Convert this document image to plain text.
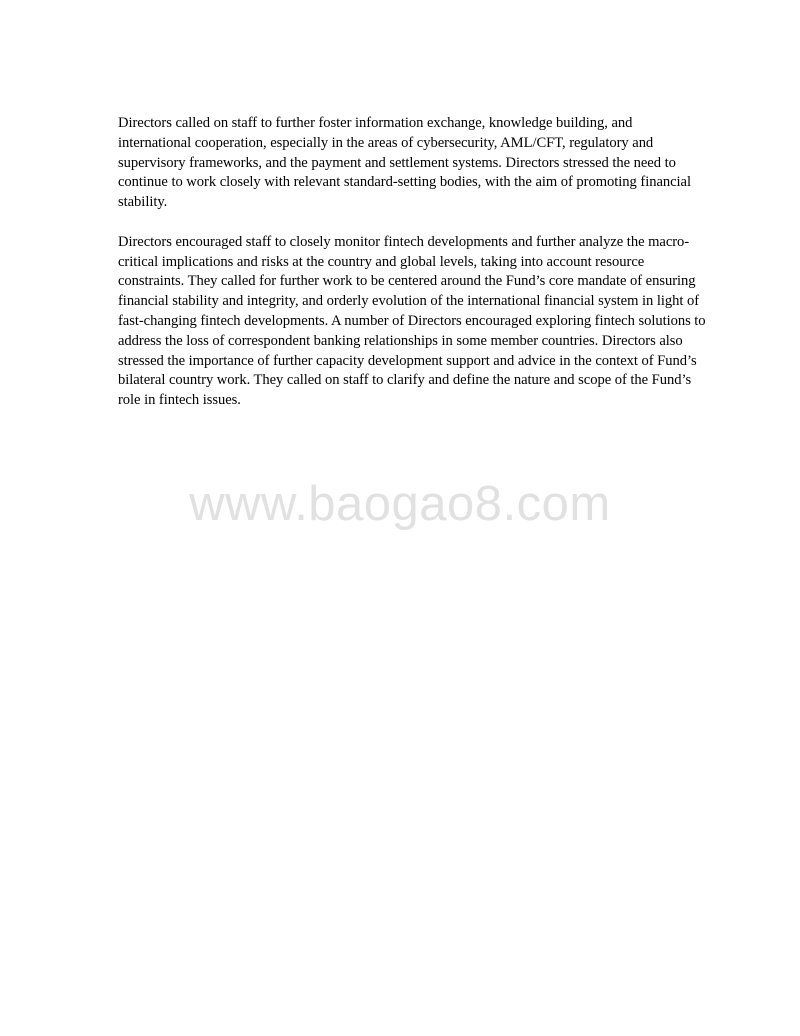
Directors called on staff to further foster information exchange, knowledge building, and international cooperation, especially in the areas of cybersecurity, AML/CFT, regulatory and supervisory frameworks, and the payment and settlement systems. Directors stressed the need to continue to work closely with relevant standard-setting bodies, with the aim of promoting financial stability.

Directors encouraged staff to closely monitor fintech developments and further analyze the macro-critical implications and risks at the country and global levels, taking into account resource constraints. They called for further work to be centered around the Fund’s core mandate of ensuring financial stability and integrity, and orderly evolution of the international financial system in light of fast-changing fintech developments. A number of Directors encouraged exploring fintech solutions to address the loss of correspondent banking relationships in some member countries. Directors also stressed the importance of further capacity development support and advice in the context of Fund’s bilateral country work. They called on staff to clarify and define the nature and scope of the Fund’s role in fintech issues.

www.baogao8.com
